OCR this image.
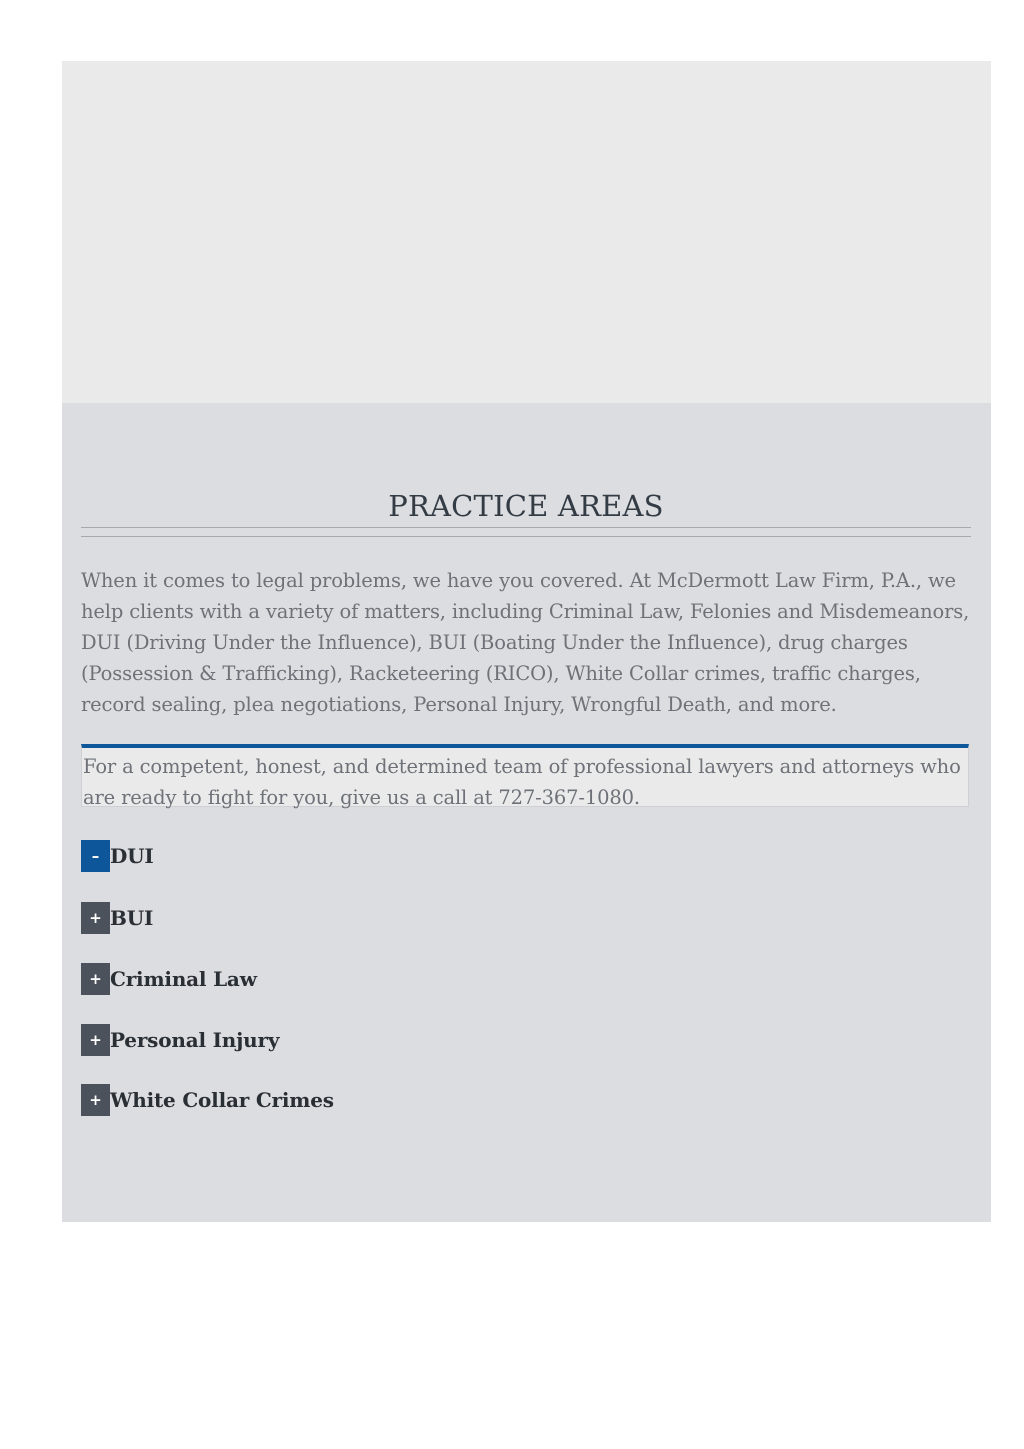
PRACTICE AREAS

When it comes to legal problems, we have you covered. At McDermott Law Firm, P.A., we help clients with a variety of matters, including Criminal Law, Felonies and Misdemeanors, DUI (Driving Under the Influence), BUI (Boating Under the Influence), drug charges (Possession & Trafficking), Racketeering (RICO), White Collar crimes, traffic charges, record sealing, plea negotiations, Personal Injury, Wrongful Death, and more.

For a competent, honest, and determined team of professional lawyers and attorneys who are ready to fight for you, give us a call at 727-367-1080.

– DUI
+ BUI
+ Criminal Law
+ Personal Injury
+ White Collar Crimes
